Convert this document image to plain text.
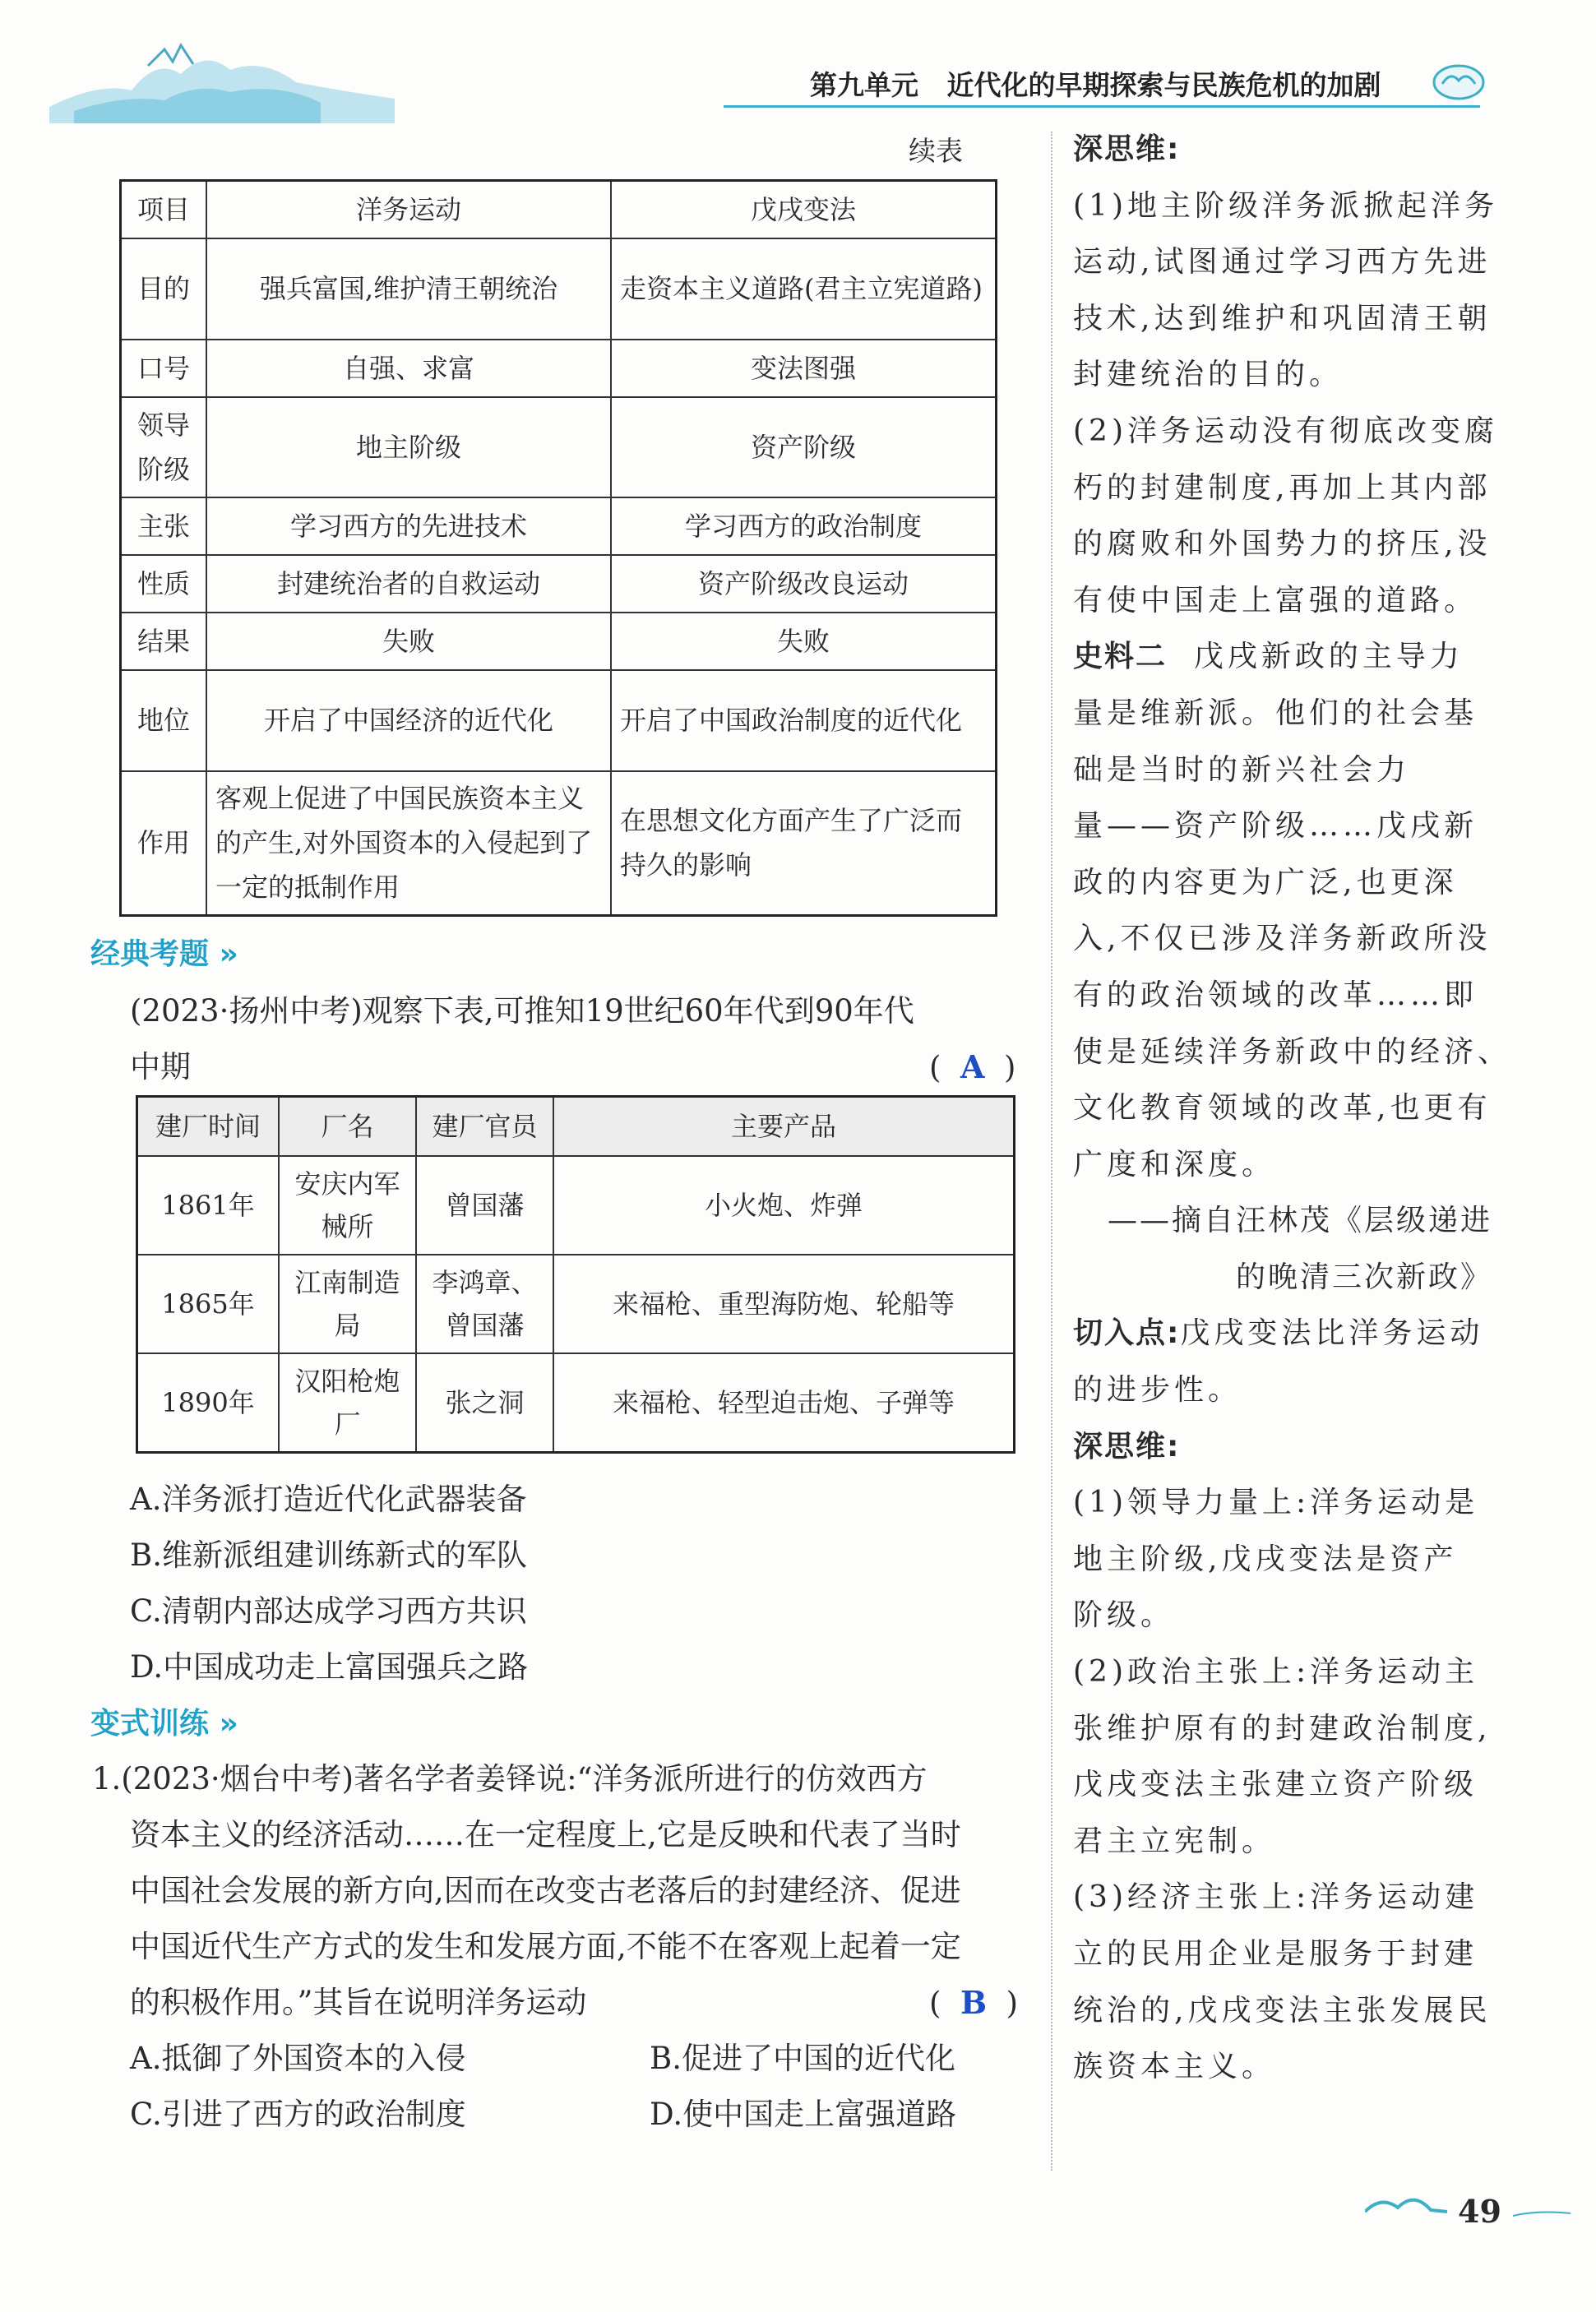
第九单元 近代化的早期探索与民族危机的加剧
续表
项目	洋务运动	戊戌变法
目的	强兵富国,维护清王朝统治	走资本主义道路(君主立宪道路)
口号	自强、求富	变法图强
领导阶级	地主阶级	资产阶级
主张	学习西方的先进技术	学习西方的政治制度
性质	封建统治者的自救运动	资产阶级改良运动
结果	失败	失败
地位	开启了中国经济的近代化	开启了中国政治制度的近代化
作用	客观上促进了中国民族资本主义的产生,对外国资本的入侵起到了一定的抵制作用	在思想文化方面产生了广泛而持久的影响
经典考题 »
(2023·扬州中考)观察下表,可推知19世纪60年代到90年代
中期	(  A  )
建厂时间	厂名	建厂官员	主要产品
1861年	安庆内军械所	曾国藩	小火炮、炸弹
1865年	江南制造局	李鸿章、曾国藩	来福枪、重型海防炮、轮船等
1890年	汉阳枪炮厂	张之洞	来福枪、轻型迫击炮、子弹等
A.洋务派打造近代化武器装备
B.维新派组建训练新式的军队
C.清朝内部达成学习西方共识
D.中国成功走上富国强兵之路
变式训练 »
1.(2023·烟台中考)著名学者姜铎说:“洋务派所进行的仿效西方
资本主义的经济活动……在一定程度上,它是反映和代表了当时
中国社会发展的新方向,因而在改变古老落后的封建经济、促进
中国近代生产方式的发生和发展方面,不能不在客观上起着一定
的积极作用。”其旨在说明洋务运动	(  B  )
A.抵御了外国资本的入侵	B.促进了中国的近代化
C.引进了西方的政治制度	D.使中国走上富强道路
深思维:
(1)地主阶级洋务派掀起洋务
运动,试图通过学习西方先进
技术,达到维护和巩固清王朝
封建统治的目的。
(2)洋务运动没有彻底改变腐
朽的封建制度,再加上其内部
的腐败和外国势力的挤压,没
有使中国走上富强的道路。
史料二 戊戌新政的主导力
量是维新派。他们的社会基
础是当时的新兴社会力
量——资产阶级……戊戌新
政的内容更为广泛,也更深
入,不仅已涉及洋务新政所没
有的政治领域的改革……即
使是延续洋务新政中的经济、
文化教育领域的改革,也更有
广度和深度。
——摘自汪林茂《层级递进
的晚清三次新政》
切入点:戊戌变法比洋务运动
的进步性。
深思维:
(1)领导力量上:洋务运动是
地主阶级,戊戌变法是资产
阶级。
(2)政治主张上:洋务运动主
张维护原有的封建政治制度,
戊戌变法主张建立资产阶级
君主立宪制。
(3)经济主张上:洋务运动建
立的民用企业是服务于封建
统治的,戊戌变法主张发展民
族资本主义。
49
